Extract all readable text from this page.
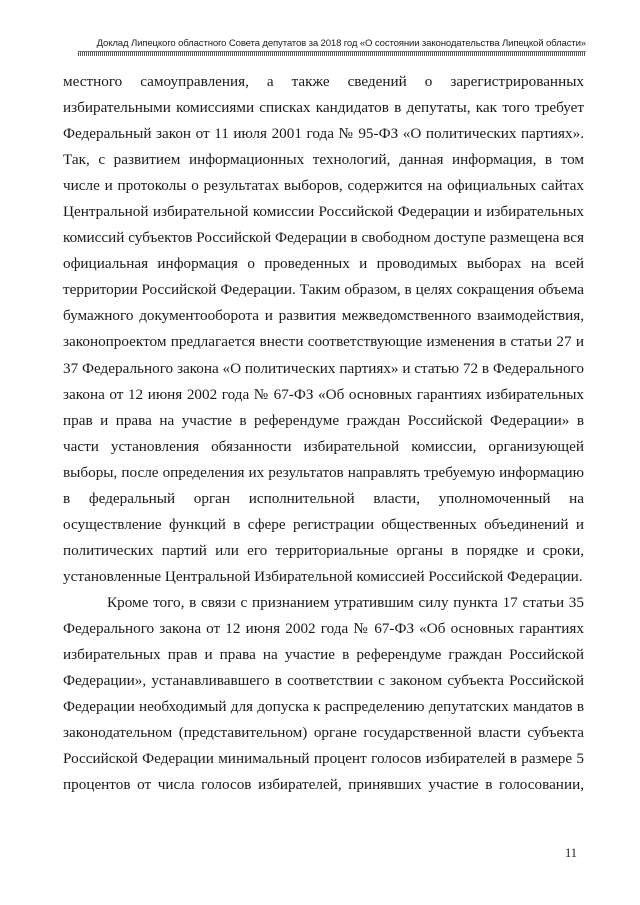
Доклад Липецкого областного Совета депутатов за 2018 год «О состоянии законодательства Липецкой области»

местного самоуправления, а также сведений о зарегистрированных избирательными комиссиями списках кандидатов в депутаты, как того требует Федеральный закон от 11 июля 2001 года № 95-ФЗ «О политических партиях». Так, с развитием информационных технологий, данная информация, в том числе и протоколы о результатах выборов, содержится на официальных сайтах Центральной избирательной комиссии Российской Федерации и избирательных комиссий субъектов Российской Федерации в свободном доступе размещена вся официальная информация о проведенных и проводимых выборах на всей территории Российской Федерации. Таким образом, в целях сокращения объема бумажного документооборота и развития межведомственного взаимодействия, законопроектом предлагается внести соответствующие изменения в статьи 27 и 37 Федерального закона «О политических партиях» и статью 72 в Федерального закона от 12 июня 2002 года № 67-ФЗ «Об основных гарантиях избирательных прав и права на участие в референдуме граждан Российской Федерации» в части установления обязанности избирательной комиссии, организующей выборы, после определения их результатов направлять требуемую информацию в федеральный орган исполнительной власти, уполномоченный на осуществление функций в сфере регистрации общественных объединений и политических партий или его территориальные органы в порядке и сроки, установленные Центральной Избирательной комиссией Российской Федерации.

Кроме того, в связи с признанием утратившим силу пункта 17 статьи 35 Федерального закона от 12 июня 2002 года № 67-ФЗ «Об основных гарантиях избирательных прав и права на участие в референдуме граждан Российской Федерации», устанавливавшего в соответствии с законом субъекта Российской Федерации необходимый для допуска к распределению депутатских мандатов в законодательном (представительном) органе государственной власти субъекта Российской Федерации минимальный процент голосов избирателей в размере 5 процентов от числа голосов избирателей, принявших участие в голосовании,

11
